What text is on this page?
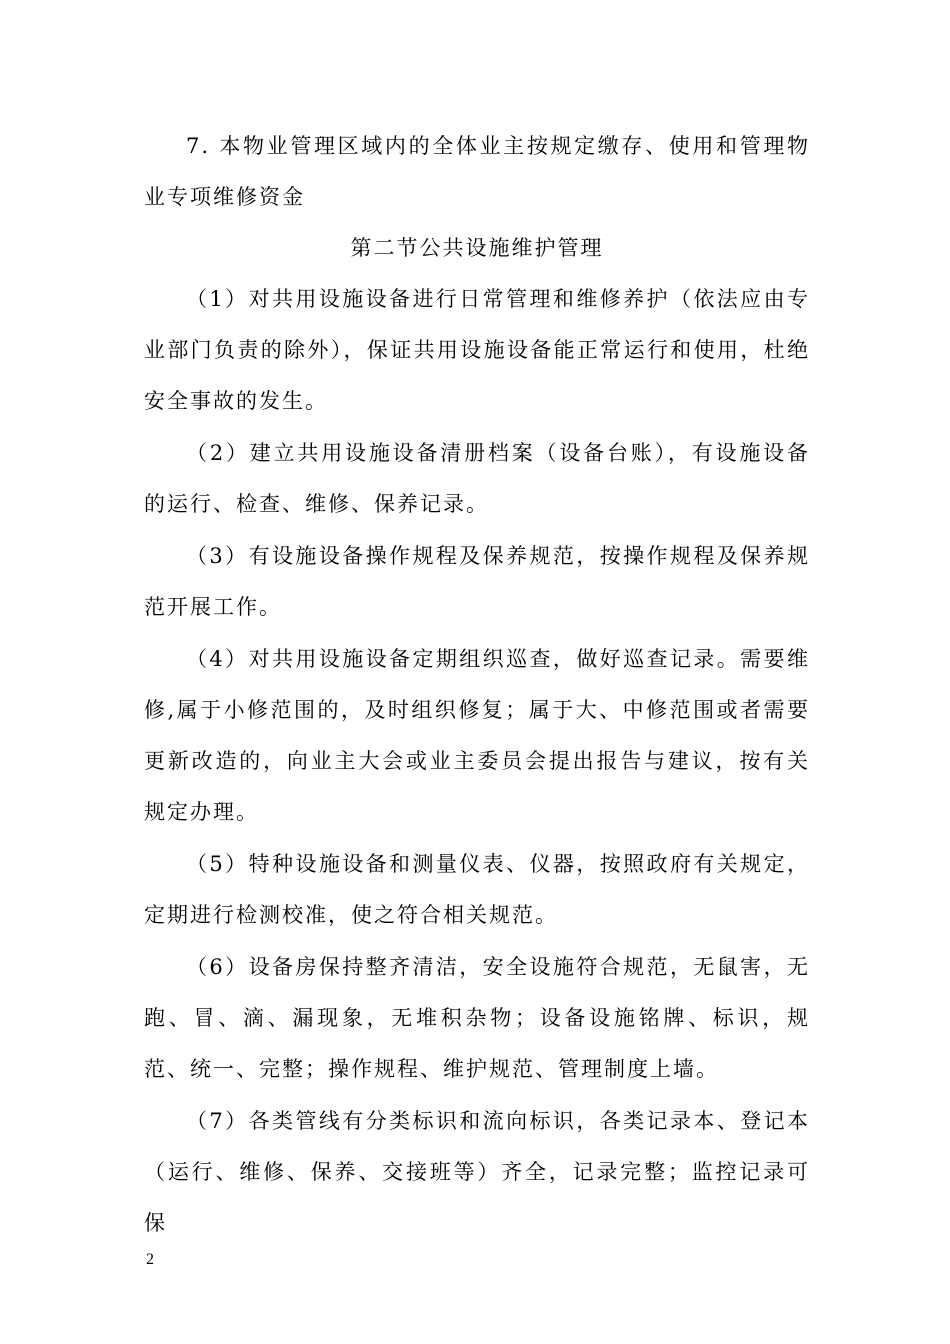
7. 本物业管理区域内的全体业主按规定缴存、使用和管理物业专项维修资金

第二节公共设施维护管理

（1）对共用设施设备进行日常管理和维修养护（依法应由专业部门负责的除外），保证共用设施设备能正常运行和使用，杜绝安全事故的发生。

（2）建立共用设施设备清册档案（设备台账），有设施设备的运行、检查、维修、保养记录。

（3）有设施设备操作规程及保养规范，按操作规程及保养规范开展工作。

（4）对共用设施设备定期组织巡查，做好巡查记录。需要维修,属于小修范围的，及时组织修复；属于大、中修范围或者需要更新改造的，向业主大会或业主委员会提出报告与建议，按有关规定办理。

（5）特种设施设备和测量仪表、仪器，按照政府有关规定，定期进行检测校准，使之符合相关规范。

（6）设备房保持整齐清洁，安全设施符合规范，无鼠害，无跑、冒、滴、漏现象，无堆积杂物；设备设施铭牌、标识，规范、统一、完整；操作规程、维护规范、管理制度上墙。

（7）各类管线有分类标识和流向标识，各类记录本、登记本（运行、维修、保养、交接班等）齐全，记录完整；监控记录可保

2
